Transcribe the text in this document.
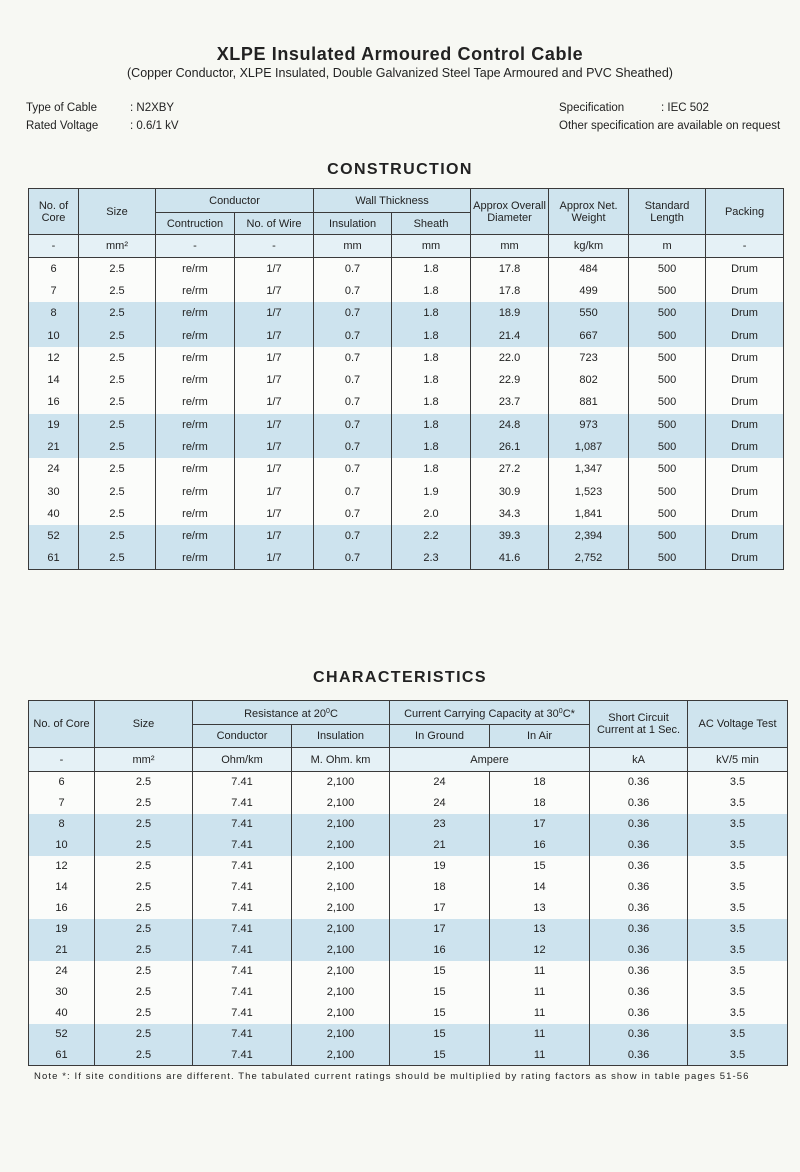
XLPE Insulated Armoured Control Cable
(Copper Conductor, XLPE Insulated, Double Galvanized Steel Tape Armoured and PVC Sheathed)
Type of Cable	: N2XBY
Rated Voltage	: 0.6/1 kV
Specification	: IEC 502
Other specification are available on request
CONSTRUCTION
No. of Core	Size	Conductor		Wall Thickness		Approx Overall Diameter	Approx Net. Weight	Standard Length	Packing
		Contruction	No. of Wire	Insulation	Sheath				
-	mm²	-	-	mm	mm	mm	kg/km	m	-
6	2.5	re/rm	1/7	0.7	1.8	17.8	484	500	Drum
7	2.5	re/rm	1/7	0.7	1.8	17.8	499	500	Drum
8	2.5	re/rm	1/7	0.7	1.8	18.9	550	500	Drum
10	2.5	re/rm	1/7	0.7	1.8	21.4	667	500	Drum
12	2.5	re/rm	1/7	0.7	1.8	22.0	723	500	Drum
14	2.5	re/rm	1/7	0.7	1.8	22.9	802	500	Drum
16	2.5	re/rm	1/7	0.7	1.8	23.7	881	500	Drum
19	2.5	re/rm	1/7	0.7	1.8	24.8	973	500	Drum
21	2.5	re/rm	1/7	0.7	1.8	26.1	1,087	500	Drum
24	2.5	re/rm	1/7	0.7	1.8	27.2	1,347	500	Drum
30	2.5	re/rm	1/7	0.7	1.9	30.9	1,523	500	Drum
40	2.5	re/rm	1/7	0.7	2.0	34.3	1,841	500	Drum
52	2.5	re/rm	1/7	0.7	2.2	39.3	2,394	500	Drum
61	2.5	re/rm	1/7	0.7	2.3	41.6	2,752	500	Drum
CHARACTERISTICS
No. of Core	Size	Resistance at $20^0C$		Current Carrying Capacity at $30^0C*$		Short Circuit Current at 1 Sec.	AC Voltage Test
		Conductor	Insulation	In Ground	In Air		
-	mm²	Ohm/km	M. Ohm. km	Ampere		kA	kV/5 min
6	2.5	7.41	2,100	24	18	0.36	3.5
7	2.5	7.41	2,100	24	18	0.36	3.5
8	2.5	7.41	2,100	23	17	0.36	3.5
10	2.5	7.41	2,100	21	16	0.36	3.5
12	2.5	7.41	2,100	19	15	0.36	3.5
14	2.5	7.41	2,100	18	14	0.36	3.5
16	2.5	7.41	2,100	17	13	0.36	3.5
19	2.5	7.41	2,100	17	13	0.36	3.5
21	2.5	7.41	2,100	16	12	0.36	3.5
24	2.5	7.41	2,100	15	11	0.36	3.5
30	2.5	7.41	2,100	15	11	0.36	3.5
40	2.5	7.41	2,100	15	11	0.36	3.5
52	2.5	7.41	2,100	15	11	0.36	3.5
61	2.5	7.41	2,100	15	11	0.36	3.5
Note *: If site conditions are different. The tabulated current ratings should be multiplied by rating factors as show in table pages 51-56
